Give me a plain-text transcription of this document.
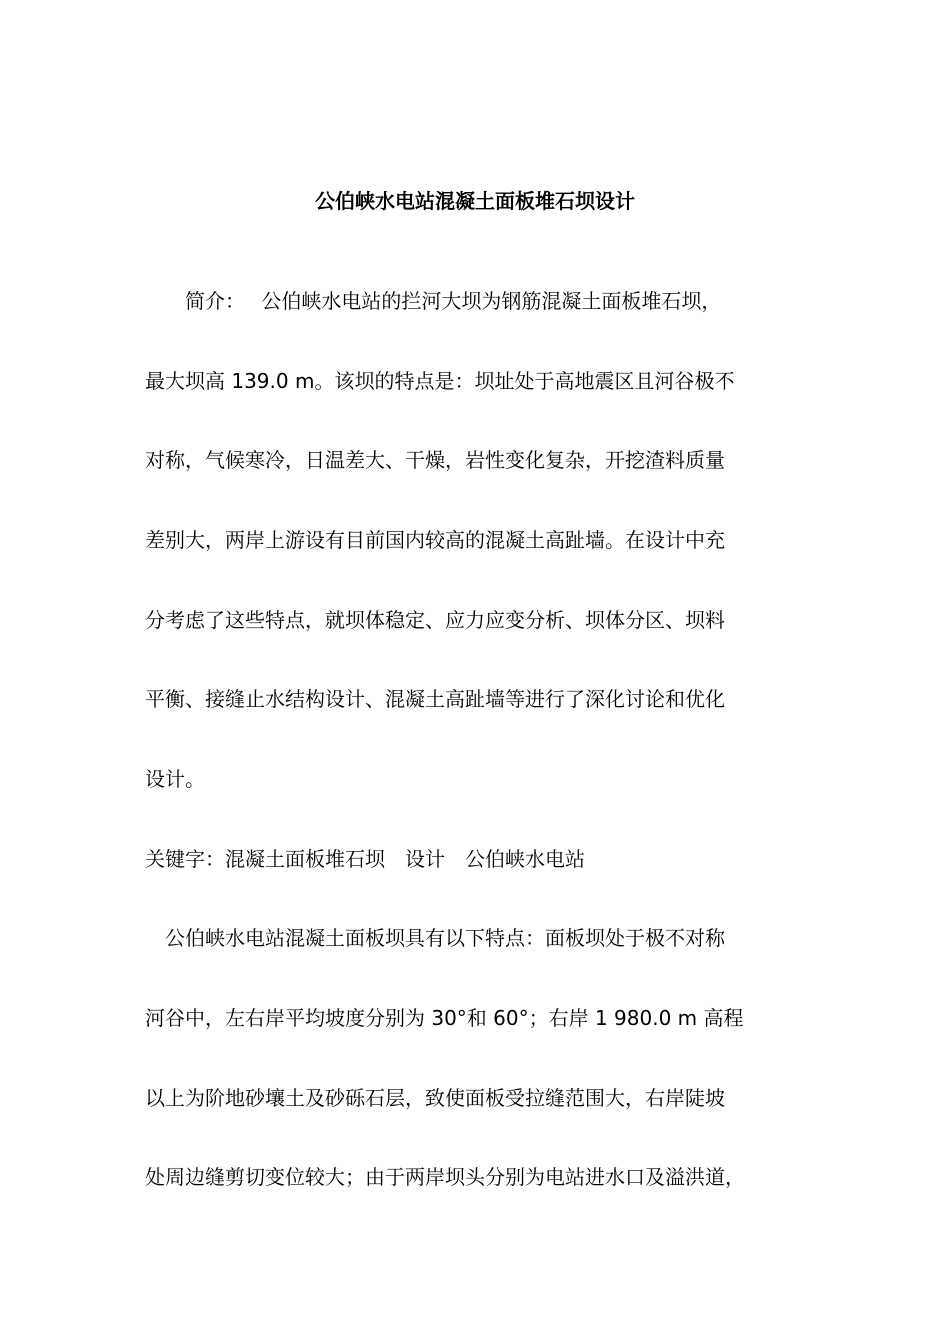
公伯峡水电站混凝土面板堆石坝设计
　　简介：　 公伯峡水电站的拦河大坝为钢筋混凝土面板堆石坝，
最大坝高 139.0 m。该坝的特点是：坝址处于高地震区且河谷极不
对称，气候寒冷，日温差大、干燥，岩性变化复杂，开挖渣料质量
差别大，两岸上游设有目前国内较高的混凝土高趾墙。在设计中充
分考虑了这些特点，就坝体稳定、应力应变分析、坝体分区、坝料
平衡、接缝止水结构设计、混凝土高趾墙等进行了深化讨论和优化
设计。
关键字：混凝土面板堆石坝　设计　公伯峡水电站
　公伯峡水电站混凝土面板坝具有以下特点：面板坝处于极不对称
河谷中，左右岸平均坡度分别为 30°和 60°；右岸 1 980.0 m 高程
以上为阶地砂壤土及砂砾石层，致使面板受拉缝范围大，右岸陡坡
处周边缝剪切变位较大；由于两岸坝头分别为电站进水口及溢洪道，
